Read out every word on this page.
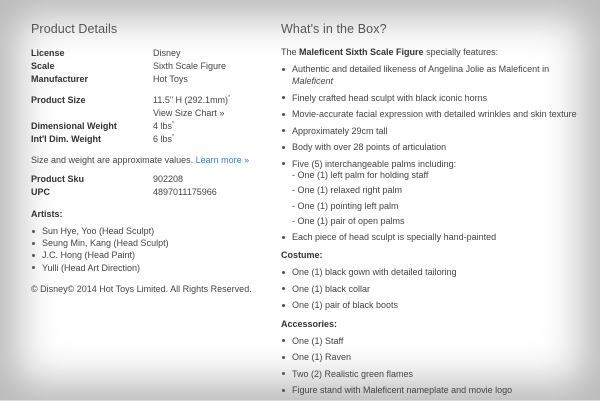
Product Details
License	Disney
Scale	Sixth Scale Figure
Manufacturer	Hot Toys
Product Size	11.5" H (292.1mm)*
View Size Chart »
Dimensional Weight	4 lbs*
Int'l Dim. Weight	6 lbs*
Size and weight are approximate values. Learn more »
Product Sku	902208
UPC	4897011175966
Artists:
Sun Hye, Yoo (Head Sculpt)
Seung Min, Kang (Head Sculpt)
J.C. Hong (Head Paint)
Yulli (Head Art Direction)
© Disney© 2014 Hot Toys Limited. All Rights Reserved.
What's in the Box?
The Maleficent Sixth Scale Figure specially features:
Authentic and detailed likeness of Angelina Jolie as Maleficent in Maleficent
Finely crafted head sculpt with black iconic horns
Movie-accurate facial expression with detailed wrinkles and skin texture
Approximately 29cm tall
Body with over 28 points of articulation
Five (5) interchangeable palms including:
- One (1) left palm for holding staff
- One (1) relaxed right palm
- One (1) pointing left palm
- One (1) pair of open palms
Each piece of head sculpt is specially hand-painted
Costume:
One (1) black gown with detailed tailoring
One (1) black collar
One (1) pair of black boots
Accessories:
One (1) Staff
One (1) Raven
Two (2) Realistic green flames
Figure stand with Maleficent nameplate and movie logo
